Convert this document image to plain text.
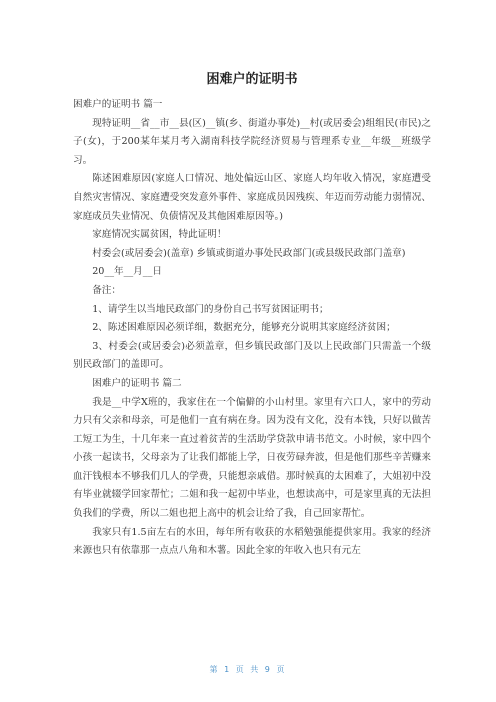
困难户的证明书

困难户的证明书 篇一

现特证明__省__市__县(区)__镇(乡、街道办事处)__村(或居委会)组组民(市民)之子(女)，于200某年某月考入湖南科技学院经济贸易与管理系专业__年级__班级学习。

陈述困难原因(家庭人口情况、地处偏远山区、家庭人均年收入情况，家庭遭受自然灾害情况、家庭遭受突发意外事件、家庭成员因残疾、年迈而劳动能力弱情况、家庭成员失业情况、负债情况及其他困难原因等。)

家庭情况实属贫困，特此证明！

村委会(或居委会)(盖章) 乡镇或街道办事处民政部门(或县级民政部门盖章)

20__年__月__日

备注：

1、请学生以当地民政部门的身份自己书写贫困证明书；

2、陈述困难原因必须详细，数据充分，能够充分说明其家庭经济贫困；

3、村委会(或居委会)必须盖章，但乡镇民政部门及以上民政部门只需盖一个级别民政部门的盖即可。

困难户的证明书 篇二

我是__中学X班的，我家住在一个偏僻的小山村里。家里有六口人，家中的劳动力只有父亲和母亲，可是他们一直有病在身。因为没有文化，没有本钱，只好以做苦工短工为生，十几年来一直过着贫苦的生活助学贷款申请书范文。小时候，家中四个小孩一起读书，父母亲为了让我们都能上学，日夜劳碌奔波，但是他们那些辛苦赚来血汗钱根本不够我们几人的学费，只能想亲戚借。那时候真的太困难了，大姐初中没有毕业就辍学回家帮忙；二姐和我一起初中毕业，也想读高中，可是家里真的无法担负我们的学费，所以二姐也把上高中的机会让给了我，自己回家帮忙。

我家只有1.5亩左右的水田，每年所有收获的水稻勉强能提供家用。我家的经济来源也只有依靠那一点点八角和木薯。因此全家的年收入也只有元左

第 1 页 共 9 页
